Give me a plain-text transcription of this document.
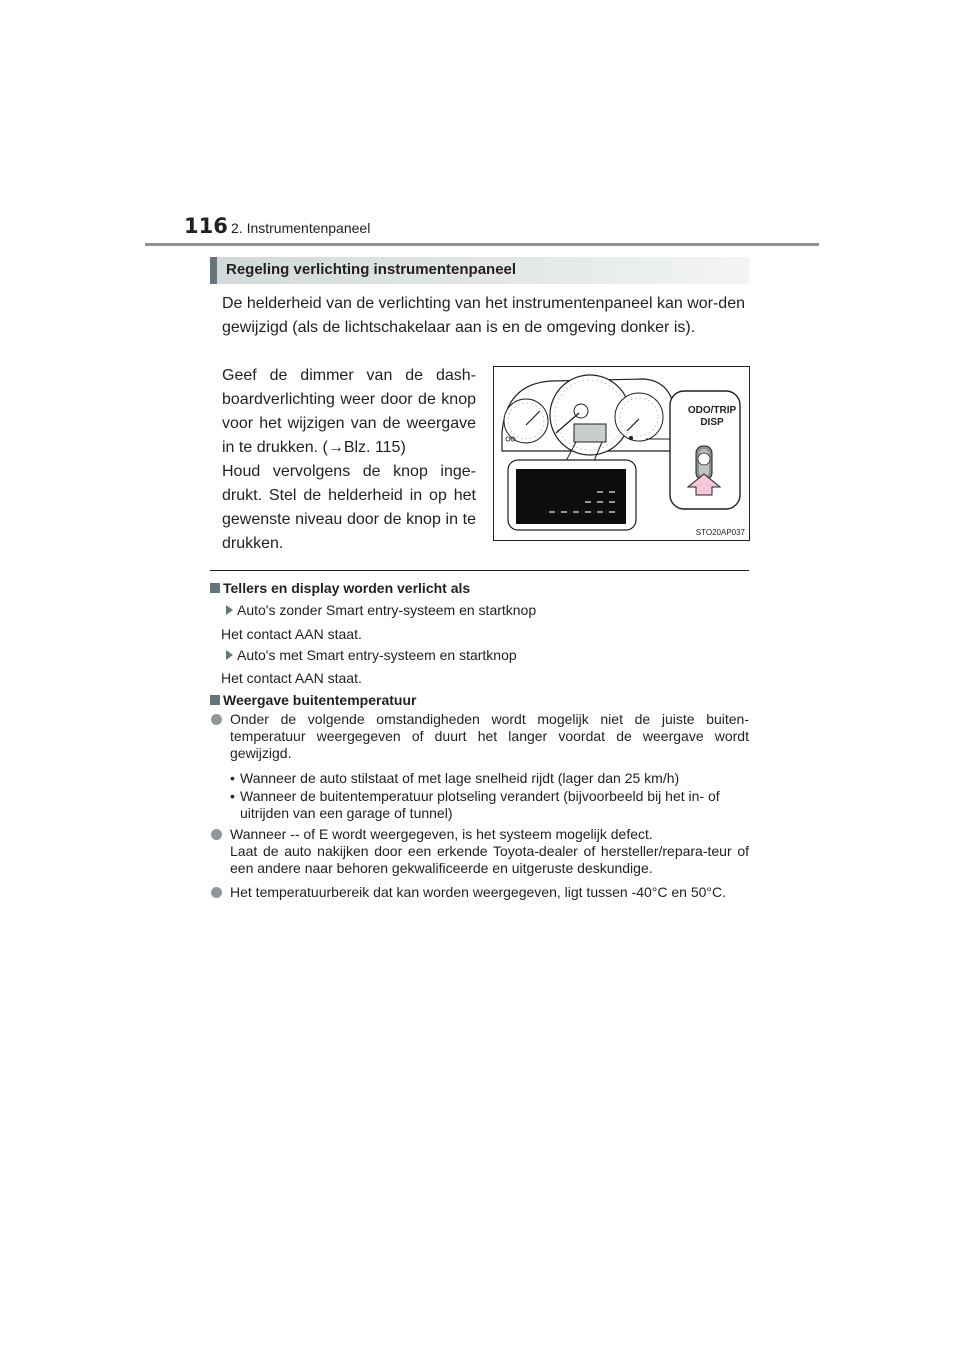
116 2. Instrumentenpaneel
Regeling verlichting instrumentenpaneel

De helderheid van de verlichting van het instrumentenpaneel kan wor-den gewijzigd (als de lichtschakelaar aan is en de omgeving donker is).

Geef de dimmer van de dash-boardverlichting weer door de knop voor het wijzigen van de weergave in te drukken. (→Blz. 115)

Houd vervolgens de knop inge-drukt. Stel de helderheid in op het gewenste niveau door de knop in te drukken.

ODO/TRIP
DISP
STO20AP037
Tellers en display worden verlicht als
Auto's zonder Smart entry-systeem en startknop
Het contact AAN staat.
Auto's met Smart entry-systeem en startknop
Het contact AAN staat.
Weergave buitentemperatuur

Onder de volgende omstandigheden wordt mogelijk niet de juiste buiten-temperatuur weergegeven of duurt het langer voordat de weergave wordt gewijzigd.

• Wanneer de auto stilstaat of met lage snelheid rijdt (lager dan 25 km/h)
• Wanneer de buitentemperatuur plotseling verandert (bijvoorbeeld bij het in- of uitrijden van een garage of tunnel)

Wanneer -- of E wordt weergegeven, is het systeem mogelijk defect.

Laat de auto nakijken door een erkende Toyota-dealer of hersteller/repara-teur of een andere naar behoren gekwalificeerde en uitgeruste deskundige.

Het temperatuurbereik dat kan worden weergegeven, ligt tussen -40°C en 50°C.
